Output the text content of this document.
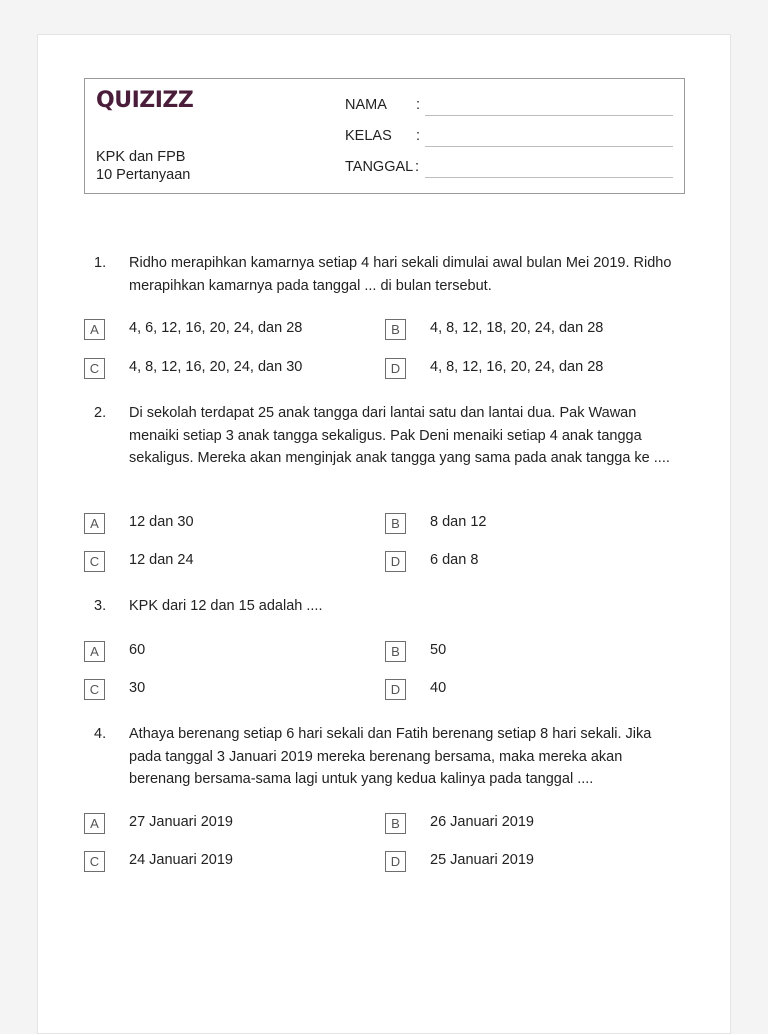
QUIZIZZ
KPK dan FPB
10 Pertanyaan
NAMA :
KELAS :
TANGGAL :
1. Ridho merapihkan kamarnya setiap 4 hari sekali dimulai awal bulan Mei 2019. Ridho merapihkan kamarnya pada tanggal ... di bulan tersebut.
A	4, 6, 12, 16, 20, 24, dan 28	B	4, 8, 12, 18, 20, 24, dan 28
C	4, 8, 12, 16, 20, 24, dan 30	D	4, 8, 12, 16, 20, 24, dan 28
2. Di sekolah terdapat 25 anak tangga dari lantai satu dan lantai dua. Pak Wawan menaiki setiap 3 anak tangga sekaligus. Pak Deni menaiki setiap 4 anak tangga sekaligus. Mereka akan menginjak anak tangga yang sama pada anak tangga ke ....
A	12 dan 30	B	8 dan 12
C	12 dan 24	D	6 dan 8
3. KPK dari 12 dan 15 adalah ....
A	60	B	50
C	30	D	40
4. Athaya berenang setiap 6 hari sekali dan Fatih berenang setiap 8 hari sekali. Jika pada tanggal 3 Januari 2019 mereka berenang bersama, maka mereka akan berenang bersama-sama lagi untuk yang kedua kalinya pada tanggal ....
A	27 Januari 2019	B	26 Januari 2019
C	24 Januari 2019	D	25 Januari 2019
